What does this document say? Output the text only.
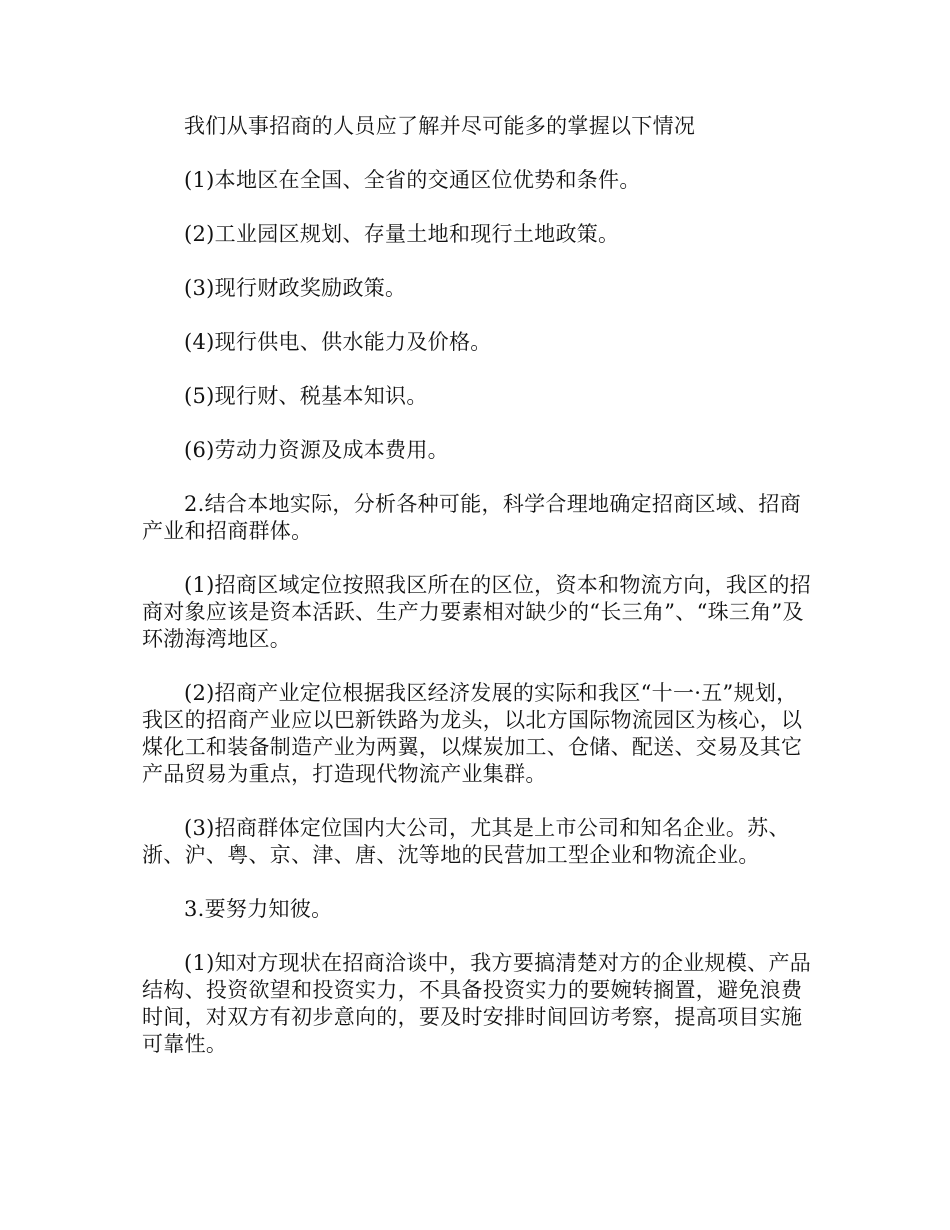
我们从事招商的人员应了解并尽可能多的掌握以下情况

(1)本地区在全国、全省的交通区位优势和条件。

(2)工业园区规划、存量土地和现行土地政策。

(3)现行财政奖励政策。

(4)现行供电、供水能力及价格。

(5)现行财、税基本知识。

(6)劳动力资源及成本费用。

2.结合本地实际，分析各种可能，科学合理地确定招商区域、招商产业和招商群体。

(1)招商区域定位按照我区所在的区位，资本和物流方向，我区的招商对象应该是资本活跃、生产力要素相对缺少的“长三角”、“珠三角”及环渤海湾地区。

(2)招商产业定位根据我区经济发展的实际和我区“十一·五”规划，我区的招商产业应以巴新铁路为龙头，以北方国际物流园区为核心，以煤化工和装备制造产业为两翼，以煤炭加工、仓储、配送、交易及其它产品贸易为重点，打造现代物流产业集群。

(3)招商群体定位国内大公司，尤其是上市公司和知名企业。苏、浙、沪、粤、京、津、唐、沈等地的民营加工型企业和物流企业。

3.要努力知彼。

(1)知对方现状在招商洽谈中，我方要搞清楚对方的企业规模、产品结构、投资欲望和投资实力，不具备投资实力的要婉转搁置，避免浪费时间，对双方有初步意向的，要及时安排时间回访考察，提高项目实施可靠性。
